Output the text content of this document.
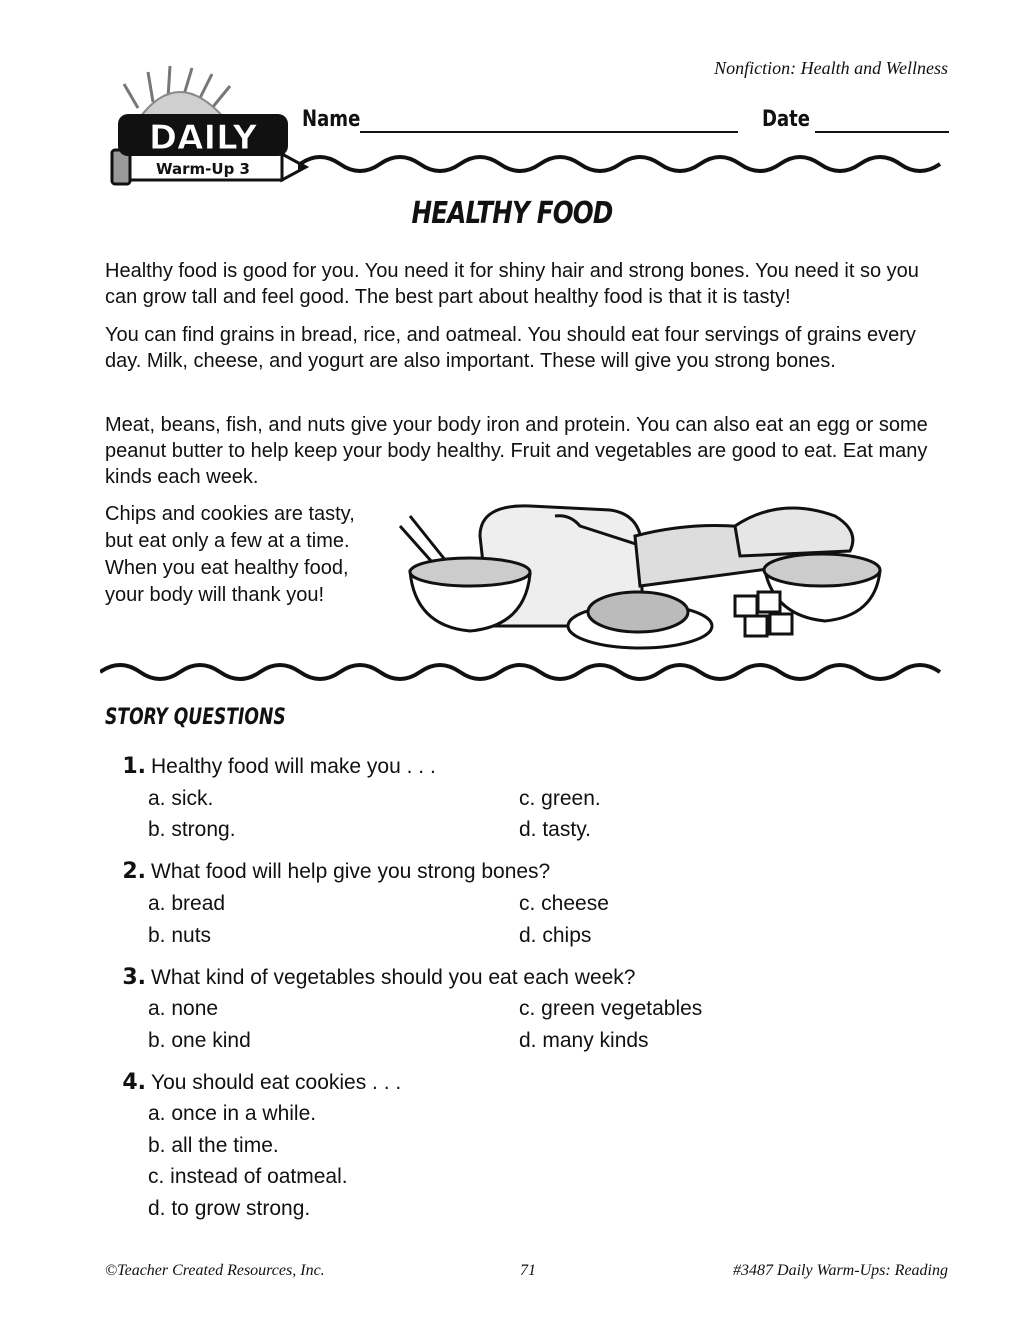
Nonfiction: Health and Wellness
DAILY
Warm-Up 3
Name	Date
HEALTHY FOOD

Healthy food is good for you. You need it for shiny hair and strong bones. You need it so you can grow tall and feel good. The best part about healthy food is that it is tasty!

You can find grains in bread, rice, and oatmeal. You should eat four servings of grains every day. Milk, cheese, and yogurt are also important. These will give you strong bones.

Meat, beans, fish, and nuts give your body iron and protein. You can also eat an egg or some peanut butter to help keep your body healthy. Fruit and vegetables are good to eat. Eat many kinds each week.

Chips and cookies are tasty, but eat only a few at a time. When you eat healthy food, your body will thank you!

STORY QUESTIONS
1. Healthy food will make you . . .
a. sick.
b. strong.
c. green.
d. tasty.
2. What food will help give you strong bones?
a. bread
b. nuts
c. cheese
d. chips
3. What kind of vegetables should you eat each week?
a. none
b. one kind
c. green vegetables
d. many kinds
4. You should eat cookies . . .
a. once in a while.
b. all the time.
c. instead of oatmeal.
d. to grow strong.
©Teacher Created Resources, Inc.	71	#3487 Daily Warm-Ups: Reading
